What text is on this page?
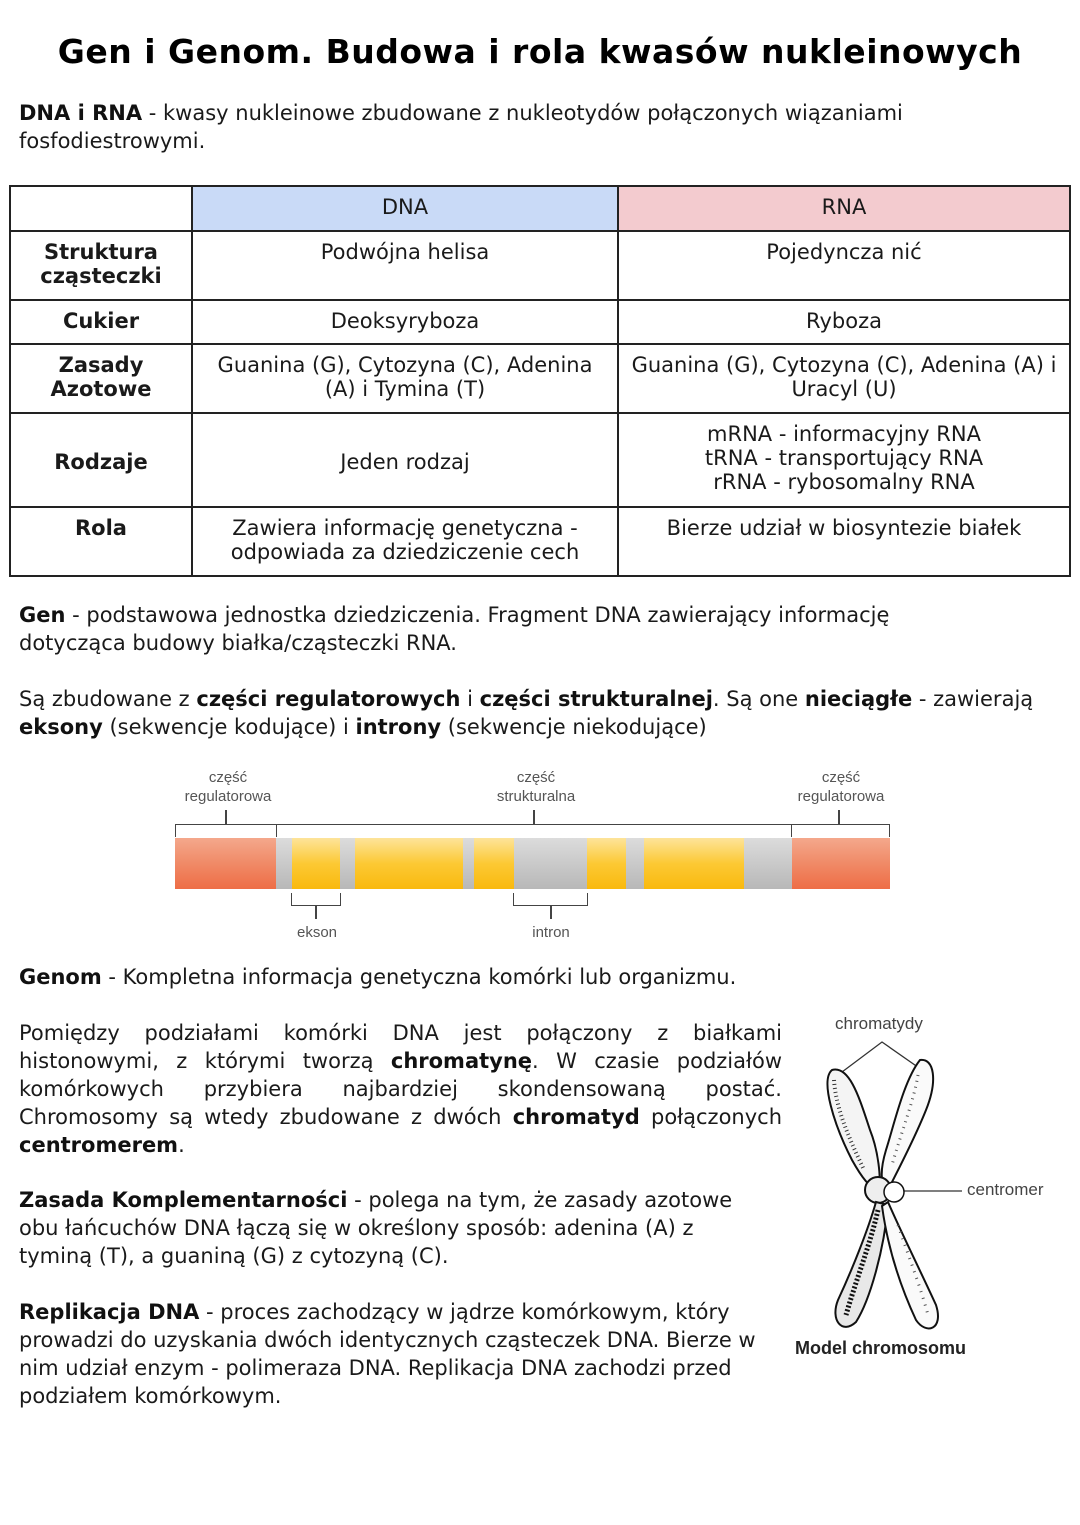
Gen i Genom. Budowa i rola kwasów nukleinowych
DNA i RNA - kwasy nukleinowe zbudowane z nukleotydów połączonych wiązaniami fosfodiestrowymi.
	DNA	RNA
Struktura cząsteczki	Podwójna helisa	Pojedyncza nić
Cukier	Deoksyryboza	Ryboza
Zasady Azotowe	Guanina (G), Cytozyna (C), Adenina (A) i Tymina (T)	Guanina (G), Cytozyna (C), Adenina (A) i Uracyl (U)
Rodzaje	Jeden rodzaj	mRNA - informacyjny RNA
tRNA - transportujący RNA
rRNA - rybosomalny RNA

Rola	Zawiera informację genetyczna - odpowiada za dziedziczenie cech	Bierze udział w biosyntezie białek
Gen - podstawowa jednostka dziedziczenia. Fragment DNA zawierający informację dotycząca budowy białka/cząsteczki RNA.
Są zbudowane z części regulatorowych i części strukturalnej. Są one nieciągłe - zawierają eksony (sekwencje kodujące) i introny (sekwencje niekodujące)
część
regulatorowa
część
strukturalna
część
regulatorowa
ekson	intron
Genom - Kompletna informacja genetyczna komórki lub organizmu.
Pomiędzy podziałami komórki DNA jest połączony z białkami histonowymi, z którymi tworzą chromatynę. W czasie podziałów komórkowych przybiera najbardziej skondensowaną postać. Chromosomy są wtedy zbudowane z dwóch chromatyd połączonych centromerem.
Zasada Komplementarności - polega na tym, że zasady azotowe obu łańcuchów DNA łączą się w określony sposób: adenina (A) z tyminą (T), a guaniną (G) z cytozyną (C).
Replikacja DNA - proces zachodzący w jądrze komórkowym, który prowadzi do uzyskania dwóch identycznych cząsteczek DNA. Bierze w nim udział enzym - polimeraza DNA. Replikacja DNA zachodzi przed podziałem komórkowym.
chromatydy
centromer
Model chromosomu
